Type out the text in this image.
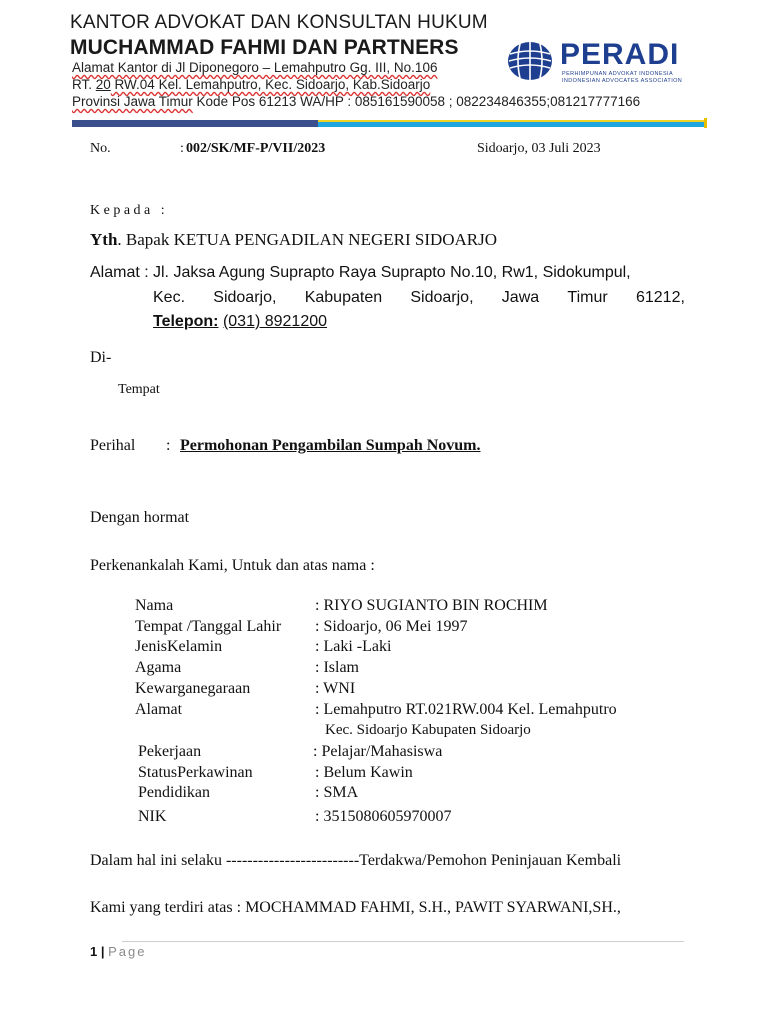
KANTOR ADVOKAT DAN KONSULTAN HUKUM
MUCHAMMAD FAHMI DAN PARTNERS
Alamat Kantor di Jl Diponegoro – Lemahputro Gg. III, No.106
RT. 20 RW.04 Kel. Lemahputro, Kec. Sidoarjo, Kab.Sidoarjo
Provinsi Jawa Timur Kode Pos 61213 WA/HP : 085161590058 ; 082234846355;081217777166
PERADI
PERHIMPUNAN ADVOKAT INDONESIA
INDONESIAN ADVOCATES ASSOCIATION
No.	: 002/SK/MF-P/VII/2023	Sidoarjo, 03 Juli 2023
Kepada :
Yth. Bapak KETUA PENGADILAN NEGERI SIDOARJO
Alamat : Jl. Jaksa Agung Suprapto Raya Suprapto No.10, Rw1, Sidokumpul,
Kec. Sidoarjo, Kabupaten Sidoarjo, Jawa Timur 61212,
Telepon: (031) 8921200
Di-
Tempat
Perihal : Permohonan Pengambilan Sumpah Novum.
Dengan hormat
Perkenankalah Kami, Untuk dan atas nama :
Nama	: RIYO SUGIANTO BIN ROCHIM
Tempat /Tanggal Lahir : Sidoarjo, 06 Mei 1997
JenisKelamin	: Laki -Laki
Agama	: Islam
Kewarganegaraan	: WNI
Alamat	: Lemahputro RT.021RW.004 Kel. Lemahputro
Kec. Sidoarjo Kabupaten Sidoarjo
Pekerjaan	: Pelajar/Mahasiswa
StatusPerkawinan	: Belum Kawin
Pendidikan	: SMA
NIK	: 3515080605970007
Dalam hal ini selaku -------------------------Terdakwa/Pemohon Peninjauan Kembali
Kami yang terdiri atas : MOCHAMMAD FAHMI, S.H., PAWIT SYARWANI,SH.,
1 | Page
